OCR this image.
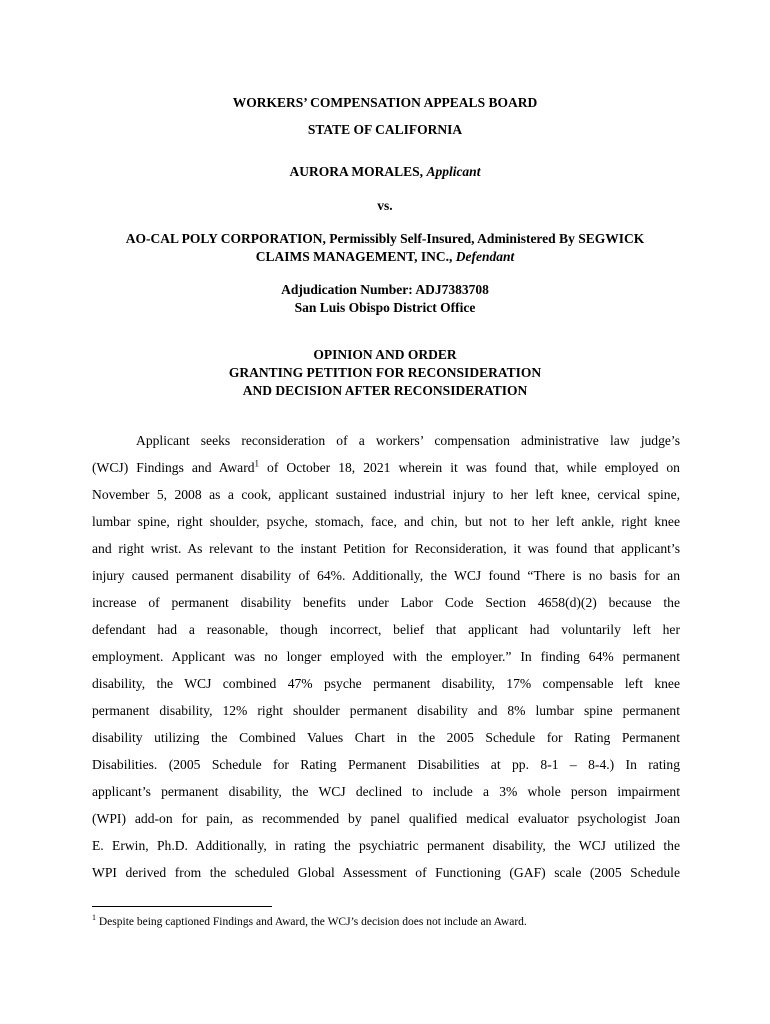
WORKERS’ COMPENSATION APPEALS BOARD
STATE OF CALIFORNIA
AURORA MORALES, Applicant
vs.
AO-CAL POLY CORPORATION, Permissibly Self-Insured, Administered By SEGWICK
CLAIMS MANAGEMENT, INC., Defendant
Adjudication Number: ADJ7383708
San Luis Obispo District Office
OPINION AND ORDER
GRANTING PETITION FOR RECONSIDERATION
AND DECISION AFTER RECONSIDERATION
Applicant seeks reconsideration of a workers’ compensation administrative law judge’s
(WCJ) Findings and Award$^1$ of October 18, 2021 wherein it was found that, while employed on
November 5, 2008 as a cook, applicant sustained industrial injury to her left knee, cervical spine,
lumbar spine, right shoulder, psyche, stomach, face, and chin, but not to her left ankle, right knee
and right wrist. As relevant to the instant Petition for Reconsideration, it was found that applicant’s
injury caused permanent disability of 64%. Additionally, the WCJ found “There is no basis for an
increase of permanent disability benefits under Labor Code Section 4658(d)(2) because the
defendant had a reasonable, though incorrect, belief that applicant had voluntarily left her
employment. Applicant was no longer employed with the employer.” In finding 64% permanent
disability, the WCJ combined 47% psyche permanent disability, 17% compensable left knee
permanent disability, 12% right shoulder permanent disability and 8% lumbar spine permanent
disability utilizing the Combined Values Chart in the 2005 Schedule for Rating Permanent
Disabilities. (2005 Schedule for Rating Permanent Disabilities at pp. 8-1 – 8-4.) In rating
applicant’s permanent disability, the WCJ declined to include a 3% whole person impairment
(WPI) add-on for pain, as recommended by panel qualified medical evaluator psychologist Joan
E. Erwin, Ph.D. Additionally, in rating the psychiatric permanent disability, the WCJ utilized the
WPI derived from the scheduled Global Assessment of Functioning (GAF) scale (2005 Schedule
$^1$ Despite being captioned Findings and Award, the WCJ’s decision does not include an Award.
